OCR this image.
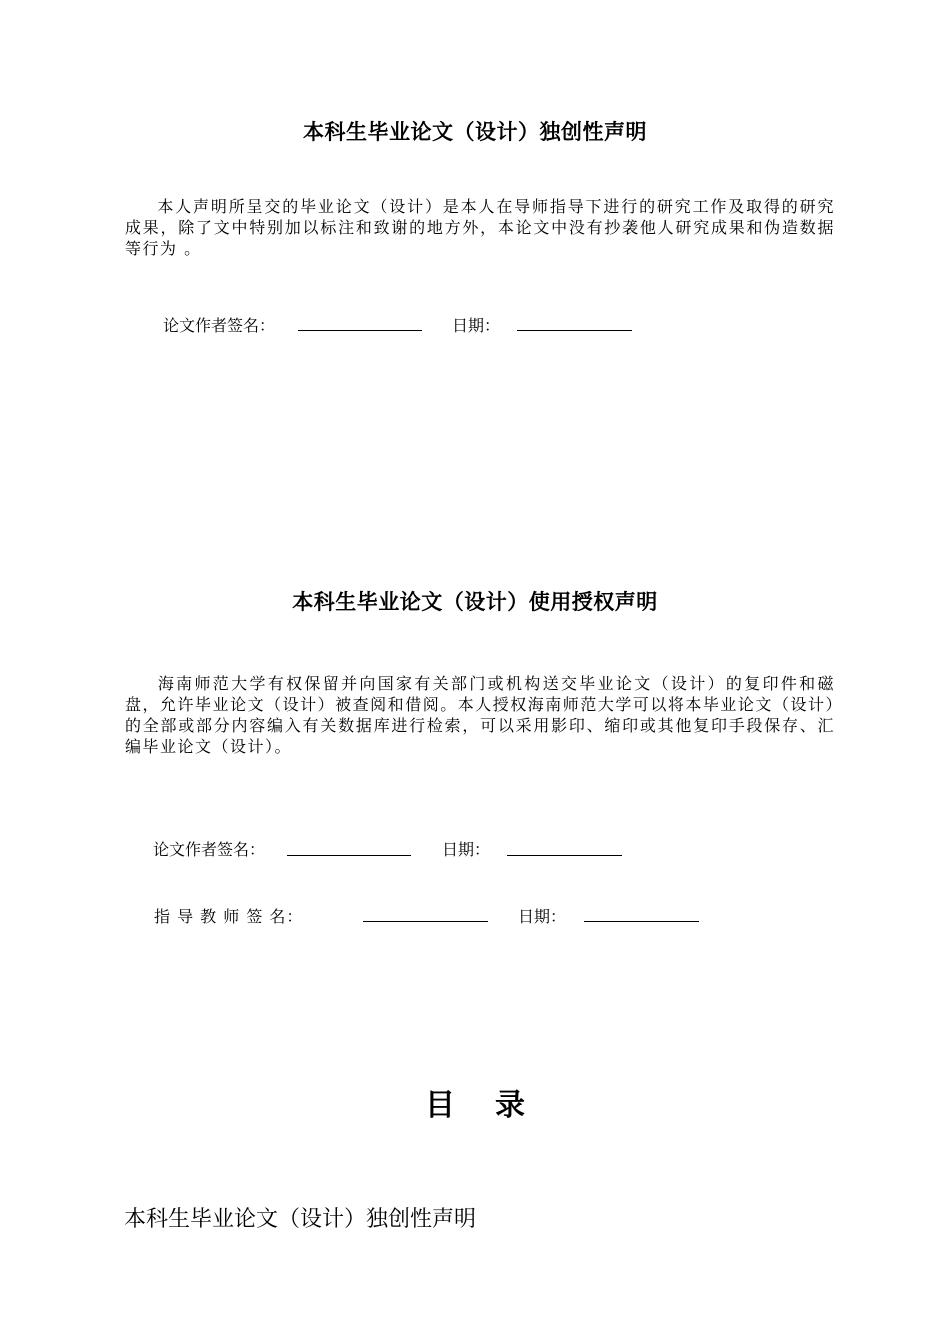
本科生毕业论文（设计）独创性声明
本人声明所呈交的毕业论文（设计）是本人在导师指导下进行的研究工作及取得的研究成果，除了文中特别加以标注和致谢的地方外，本论文中没有抄袭他人研究成果和伪造数据等行为 。
论文作者签名：	日期：
本科生毕业论文（设计）使用授权声明
海南师范大学有权保留并向国家有关部门或机构送交毕业论文（设计）的复印件和磁盘，允许毕业论文（设计）被查阅和借阅。本人授权海南师范大学可以将本毕业论文（设计）的全部或部分内容编入有关数据库进行检索，可以采用影印、缩印或其他复印手段保存、汇编毕业论文（设计）。
论文作者签名：	日期：
指 导 教 师 签 名：	日期：
目录
本科生毕业论文（设计）独创性声明
